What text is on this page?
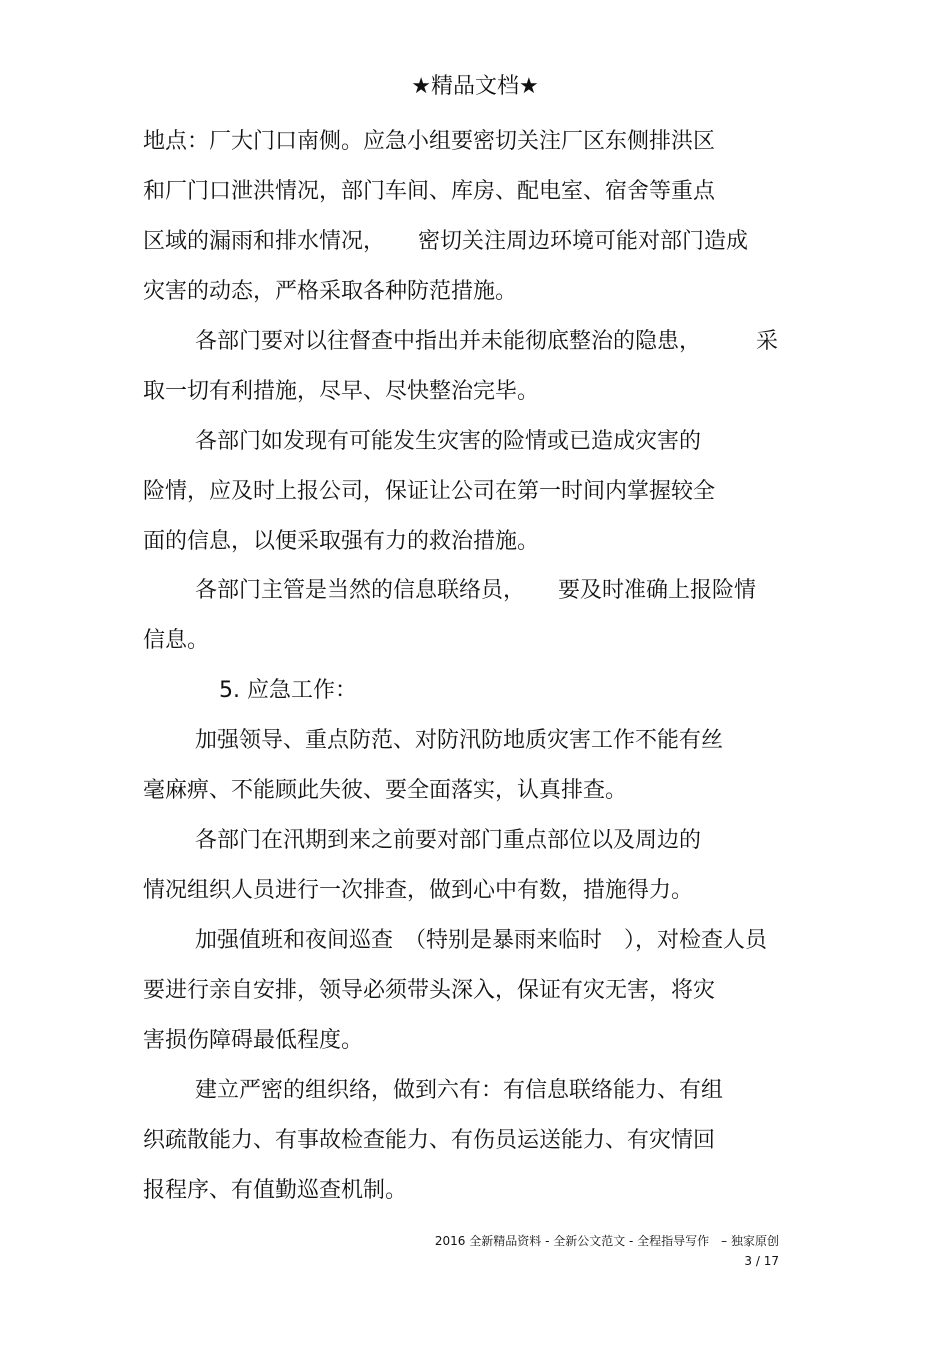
★精品文档★
地点：厂大门口南侧。应急小组要密切关注厂区东侧排洪区
和厂门口泄洪情况，部门车间、库房、配电室、宿舍等重点
区域的漏雨和排水情况，　　密切关注周边环境可能对部门造成
灾害的动态，严格采取各种防范措施。
各部门要对以往督查中指出并未能彻底整治的隐患，　　　采
取一切有利措施，尽早、尽快整治完毕。
各部门如发现有可能发生灾害的险情或已造成灾害的
险情，应及时上报公司，保证让公司在第一时间内掌握较全
面的信息，以便采取强有力的救治措施。
各部门主管是当然的信息联络员，　　要及时准确上报险情
信息。
5. 应急工作：
加强领导、重点防范、对防汛防地质灾害工作不能有丝
毫麻痹、不能顾此失彼、要全面落实，认真排查。
各部门在汛期到来之前要对部门重点部位以及周边的
情况组织人员进行一次排查，做到心中有数，措施得力。
加强值班和夜间巡查　（特别是暴雨来临时　），对检查人员
要进行亲自安排，领导必须带头深入，保证有灾无害，将灾
害损伤障碍最低程度。
建立严密的组织络，做到六有：有信息联络能力、有组
织疏散能力、有事故检查能力、有伤员运送能力、有灾情回
报程序、有值勤巡查机制。
2016 全新精品资料 - 全新公文范文 - 全程指导写作　– 独家原创
3 / 17
